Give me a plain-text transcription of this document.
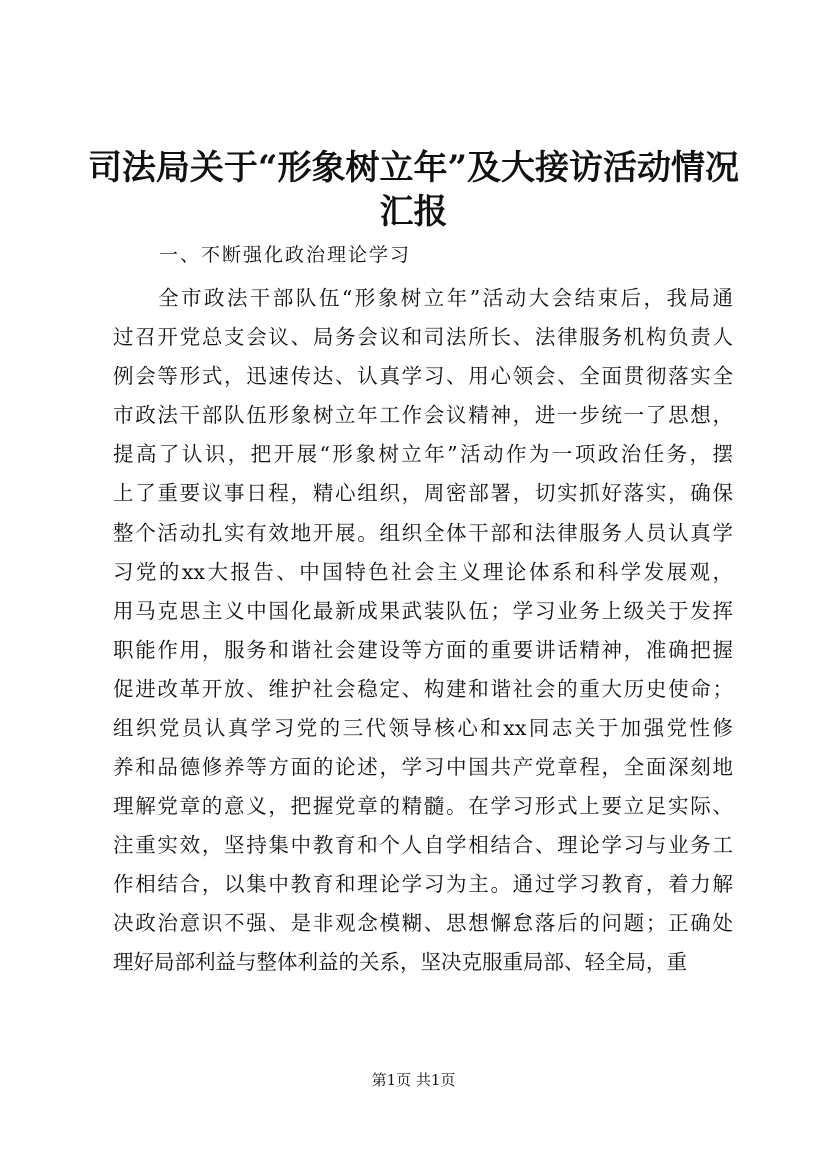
司法局关于“形象树立年”及大接访活动情况
汇报
一、不断强化政治理论学习
全市政法干部队伍“形象树立年”活动大会结束后，我局通
过召开党总支会议、局务会议和司法所长、法律服务机构负责人
例会等形式，迅速传达、认真学习、用心领会、全面贯彻落实全
市政法干部队伍形象树立年工作会议精神，进一步统一了思想，
提高了认识，把开展“形象树立年”活动作为一项政治任务，摆
上了重要议事日程，精心组织，周密部署，切实抓好落实，确保
整个活动扎实有效地开展。组织全体干部和法律服务人员认真学
习党的xx大报告、中国特色社会主义理论体系和科学发展观，
用马克思主义中国化最新成果武装队伍；学习业务上级关于发挥
职能作用，服务和谐社会建设等方面的重要讲话精神，准确把握
促进改革开放、维护社会稳定、构建和谐社会的重大历史使命；
组织党员认真学习党的三代领导核心和xx同志关于加强党性修
养和品德修养等方面的论述，学习中国共产党章程，全面深刻地
理解党章的意义，把握党章的精髓。在学习形式上要立足实际、
注重实效，坚持集中教育和个人自学相结合、理论学习与业务工
作相结合，以集中教育和理论学习为主。通过学习教育，着力解
决政治意识不强、是非观念模糊、思想懈怠落后的问题；正确处
理好局部利益与整体利益的关系，坚决克服重局部、轻全局，重
第1页 共1页
